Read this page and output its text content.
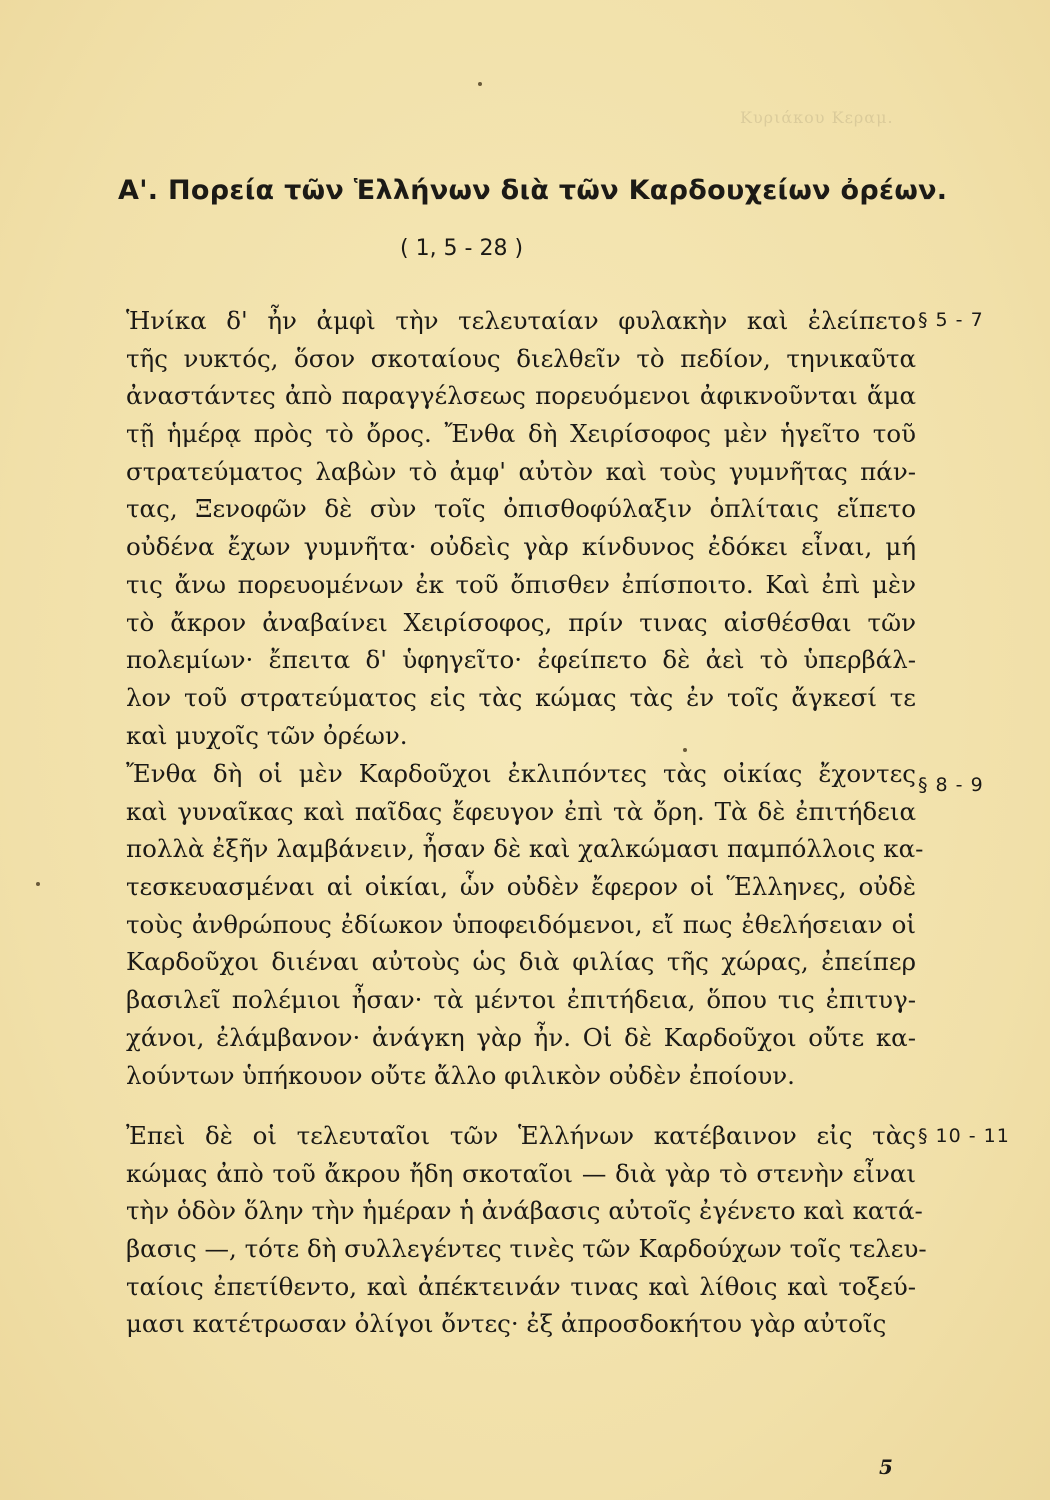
Κυριάκου Κεραμ.
Α'. Πορεία τῶν Ἑλλήνων διὰ τῶν Καρδουχείων ὀρέων.
( 1, 5 - 28 )
Ἡνίκα δ' ἦν ἀμφὶ τὴν τελευταίαν φυλακὴν καὶ ἐλείπετο
τῆς νυκτός, ὅσον σκοταίους διελθεῖν τὸ πεδίον, τηνικαῦτα
ἀναστάντες ἀπὸ παραγγέλσεως πορευόμενοι ἀφικνοῦνται ἅμα
τῇ ἡμέρᾳ πρὸς τὸ ὄρος. Ἔνθα δὴ Χειρίσοφος μὲν ἡγεῖτο τοῦ
στρατεύματος λαβὼν τὸ ἀμφ' αὐτὸν καὶ τοὺς γυμνῆτας πάν-
τας, Ξενοφῶν δὲ σὺν τοῖς ὀπισθοφύλαξιν ὁπλίταις εἵπετο
οὐδένα ἔχων γυμνῆτα· οὐδεὶς γὰρ κίνδυνος ἐδόκει εἶναι, μή
τις ἄνω πορευομένων ἐκ τοῦ ὄπισθεν ἐπίσποιτο. Καὶ ἐπὶ μὲν
τὸ ἄκρον ἀναβαίνει Χειρίσοφος, πρίν τινας αἰσθέσθαι τῶν
πολεμίων· ἔπειτα δ' ὑφηγεῖτο· ἐφείπετο δὲ ἀεὶ τὸ ὑπερβάλ-
λον τοῦ στρατεύματος εἰς τὰς κώμας τὰς ἐν τοῖς ἄγκεσί τε
καὶ μυχοῖς τῶν ὀρέων.
§ 5 - 7
Ἔνθα δὴ οἱ μὲν Καρδοῦχοι ἐκλιπόντες τὰς οἰκίας ἔχοντες
καὶ γυναῖκας καὶ παῖδας ἔφευγον ἐπὶ τὰ ὄρη. Τὰ δὲ ἐπιτήδεια
πολλὰ ἐξῆν λαμβάνειν, ἦσαν δὲ καὶ χαλκώμασι παμπόλλοις κα-
τεσκευασμέναι αἱ οἰκίαι, ὧν οὐδὲν ἔφερον οἱ Ἕλληνες, οὐδὲ
τοὺς ἀνθρώπους ἐδίωκον ὑποφειδόμενοι, εἴ πως ἐθελήσειαν οἱ
Καρδοῦχοι διιέναι αὐτοὺς ὡς διὰ φιλίας τῆς χώρας, ἐπείπερ
βασιλεῖ πολέμιοι ἦσαν· τὰ μέντοι ἐπιτήδεια, ὅπου τις ἐπιτυγ-
χάνοι, ἐλάμβανον· ἀνάγκη γὰρ ἦν. Οἱ δὲ Καρδοῦχοι οὔτε κα-
λούντων ὑπήκουον οὔτε ἄλλο φιλικὸν οὐδὲν ἐποίουν.
§ 8 - 9
Ἐπεὶ δὲ οἱ τελευταῖοι τῶν Ἑλλήνων κατέβαινον εἰς τὰς
κώμας ἀπὸ τοῦ ἄκρου ἤδη σκοταῖοι — διὰ γὰρ τὸ στενὴν εἶναι
τὴν ὁδὸν ὅλην τὴν ἡμέραν ἡ ἀνάβασις αὐτοῖς ἐγένετο καὶ κατά-
βασις —, τότε δὴ συλλεγέντες τινὲς τῶν Καρδούχων τοῖς τελευ-
ταίοις ἐπετίθεντο, καὶ ἀπέκτεινάν τινας καὶ λίθοις καὶ τοξεύ-
μασι κατέτρωσαν ὀλίγοι ὄντες· ἐξ ἀπροσδοκήτου γὰρ αὐτοῖς
§ 10 - 11
5
